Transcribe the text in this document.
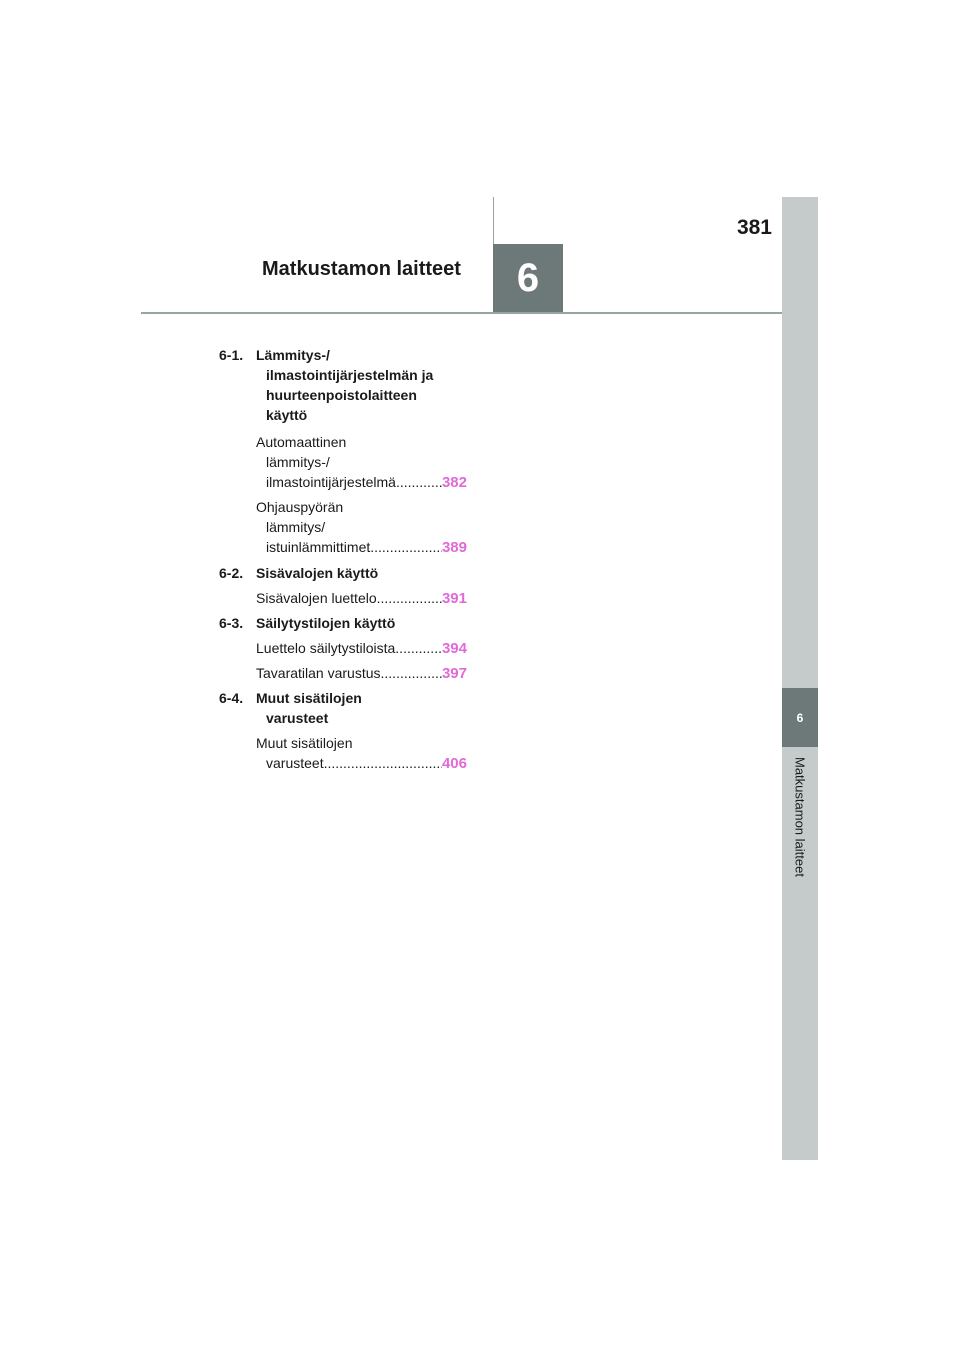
381
Matkustamon laitteet	6
6
Matkustamon laitteet
6-1. Lämmitys-/
ilmastointijärjestelmän ja
huurteenpoistolaitteen
käyttö
Automaattinen
lämmitys-/
ilmastointijärjestelmä .....	382
Ohjauspyörän
lämmitys/
istuinlämmittimet .....	389
6-2. Sisävalojen käyttö
Sisävalojen luettelo .....	391
6-3. Säilytystilojen käyttö
Luettelo säilytystiloista .....	394
Tavaratilan varustus .....	397
6-4. Muut sisätilojen
varusteet
Muut sisätilojen
varusteet .....	406
